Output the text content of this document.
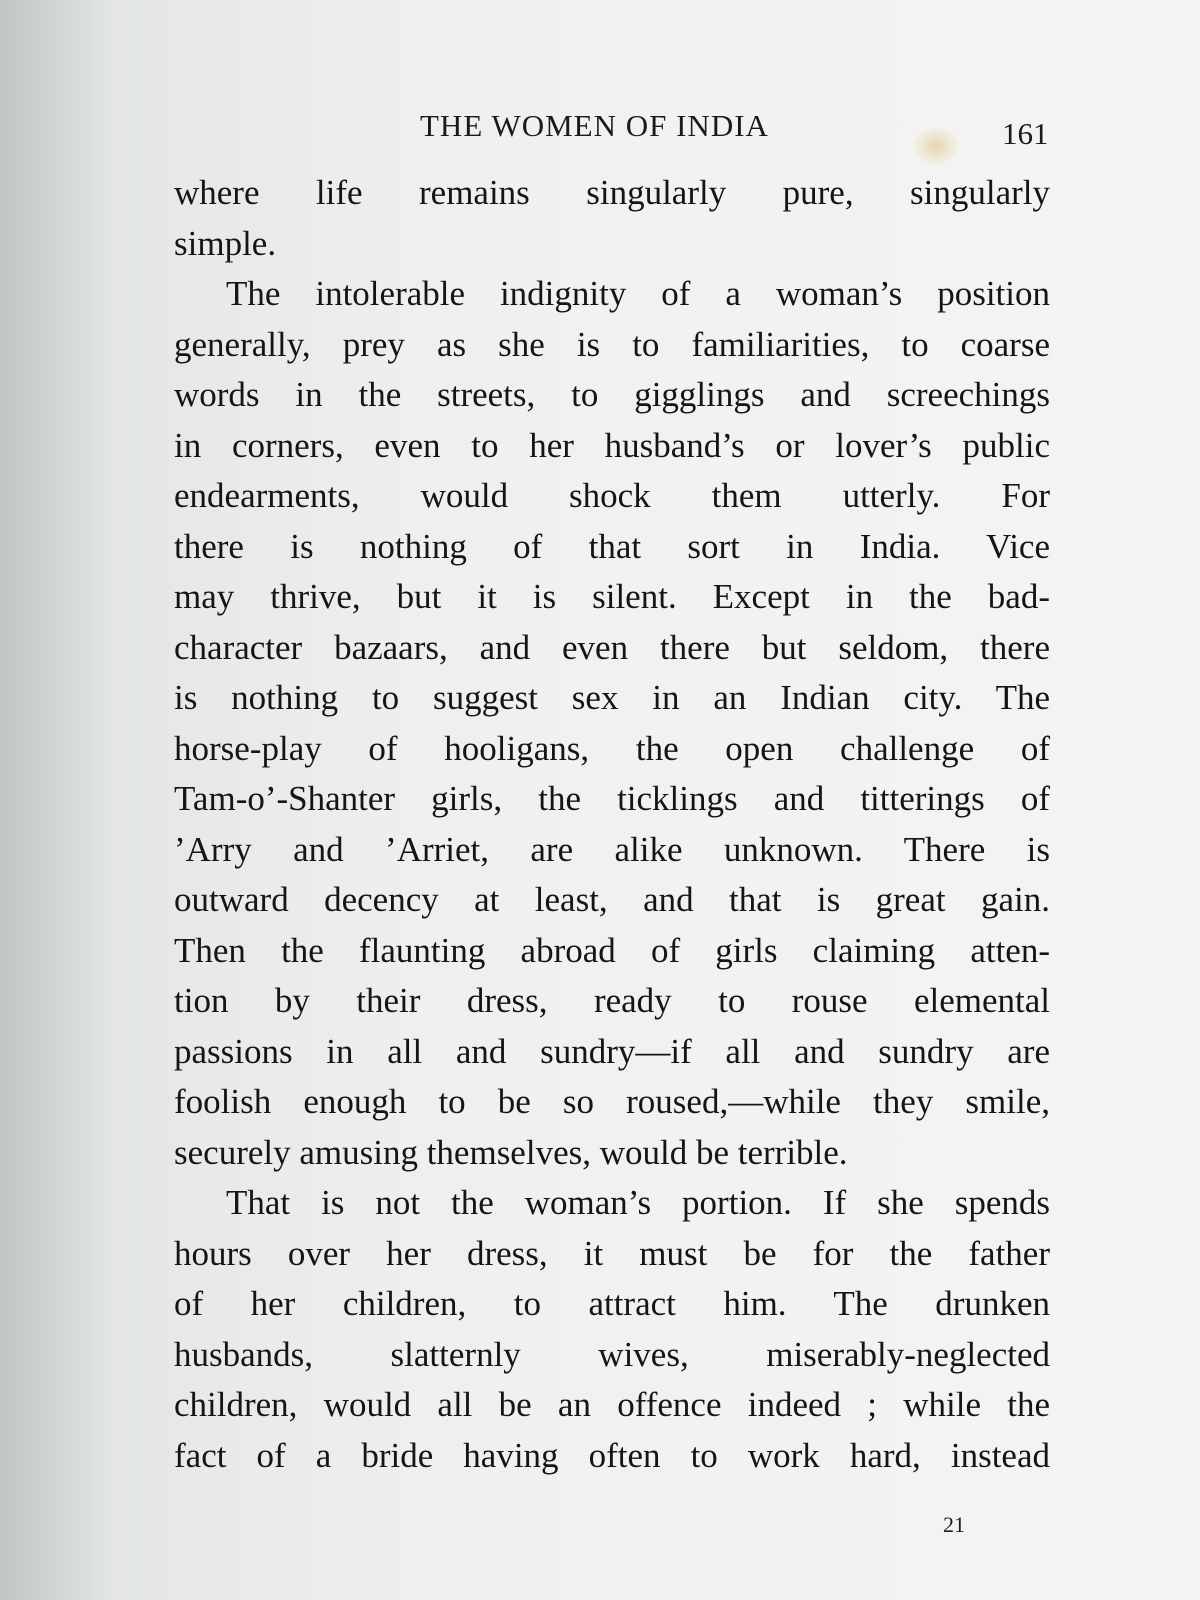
THE WOMEN OF INDIA	161
where life remains singularly pure, singularly
simple.
The intolerable indignity of a woman’s position
generally, prey as she is to familiarities, to coarse
words in the streets, to gigglings and screechings
in corners, even to her husband’s or lover’s public
endearments, would shock them utterly. For
there is nothing of that sort in India. Vice
may thrive, but it is silent. Except in the bad-
character bazaars, and even there but seldom, there
is nothing to suggest sex in an Indian city. The
horse-play of hooligans, the open challenge of
Tam-o’-Shanter girls, the ticklings and titterings of
’Arry and ’Arriet, are alike unknown. There is
outward decency at least, and that is great gain.
Then the flaunting abroad of girls claiming atten-
tion by their dress, ready to rouse elemental
passions in all and sundry—if all and sundry are
foolish enough to be so roused,—while they smile,
securely amusing themselves, would be terrible.
That is not the woman’s portion. If she spends
hours over her dress, it must be for the father
of her children, to attract him. The drunken
husbands, slatternly wives, miserably-neglected
children, would all be an offence indeed ; while the
fact of a bride having often to work hard, instead
21
